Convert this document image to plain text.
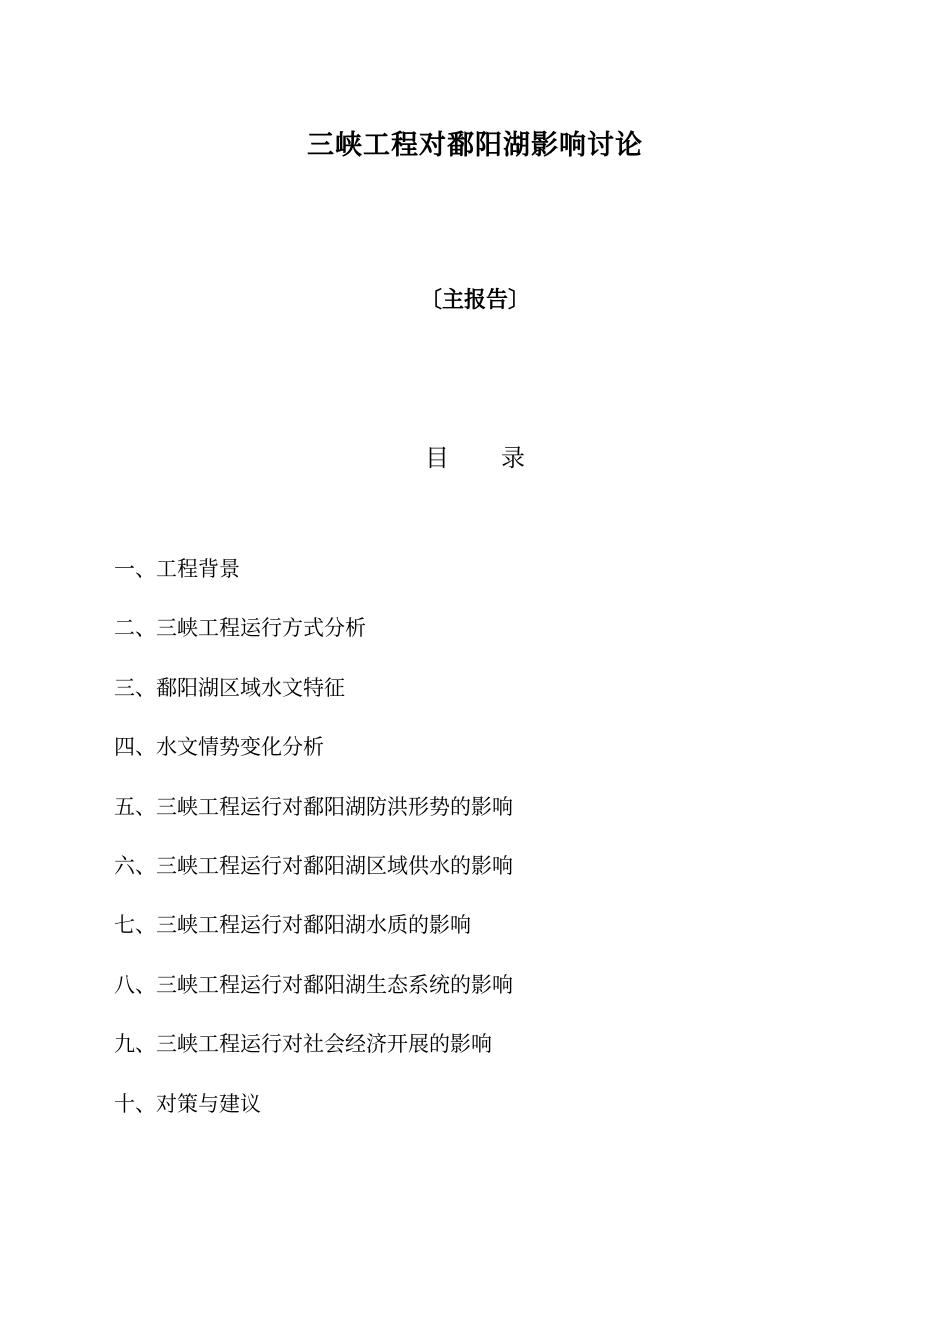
三峡工程对鄱阳湖影响讨论
〔主报告〕
目 录
一、工程背景
二、三峡工程运行方式分析
三、鄱阳湖区域水文特征
四、水文情势变化分析
五、三峡工程运行对鄱阳湖防洪形势的影响
六、三峡工程运行对鄱阳湖区域供水的影响
七、三峡工程运行对鄱阳湖水质的影响
八、三峡工程运行对鄱阳湖生态系统的影响
九、三峡工程运行对社会经济开展的影响
十、对策与建议
